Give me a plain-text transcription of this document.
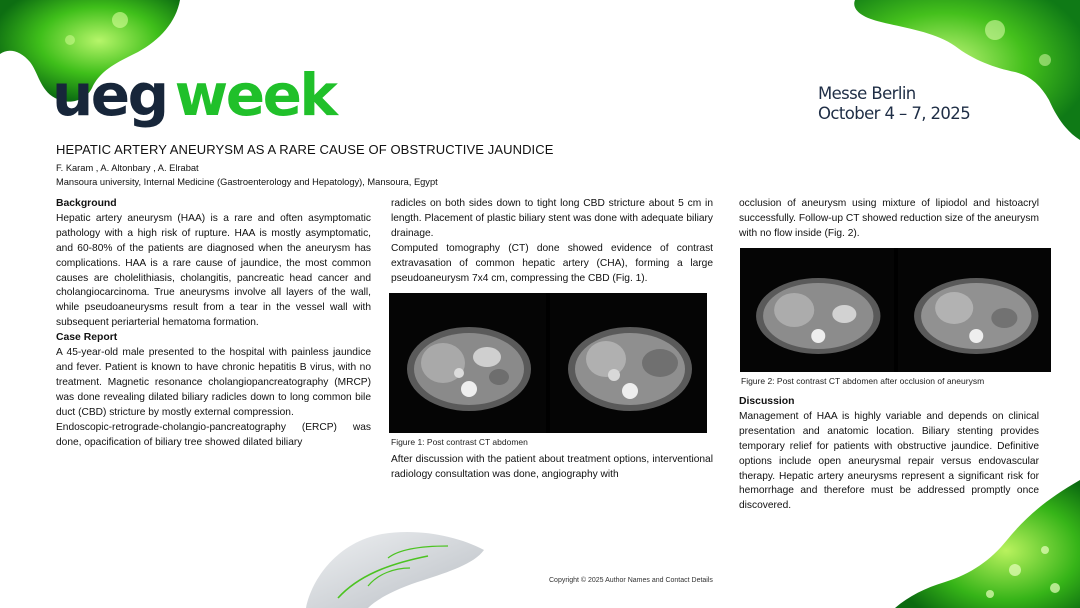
ueg week	Messe Berlin
October 4 – 7, 2025
HEPATIC ARTERY ANEURYSM AS A RARE CAUSE OF OBSTRUCTIVE JAUNDICE
F. Karam , A. Altonbary , A. Elrabat
Mansoura university, Internal Medicine (Gastroenterology and Hepatology), Mansoura, Egypt
Background

Hepatic artery aneurysm (HAA) is a rare and often asymptomatic pathology with a high risk of rupture. HAA is mostly asymptomatic, and 60-80% of the patients are diagnosed when the aneurysm has complications. HAA is a rare cause of jaundice, the most common causes are cholelithiasis, cholangitis, pancreatic head cancer and cholangiocarcinoma. True aneurysms involve all layers of the wall, while pseudoaneurysms result from a tear in the vessel wall with subsequent periarterial hematoma formation.

Case Report

A 45-year-old male presented to the hospital with painless jaundice and fever. Patient is known to have chronic hepatitis B virus, with no treatment. Magnetic resonance cholangiopancreatography (MRCP) was done revealing dilated biliary radicles down to long common bile duct (CBD) stricture by mostly external compression.

Endoscopic-retrograde-cholangio-pancreatography (ERCP) was done, opacification of biliary tree showed dilated biliary

radicles on both sides down to tight long CBD stricture about 5 cm in length. Placement of plastic biliary stent was done with adequate biliary drainage.

Computed tomography (CT) done showed evidence of contrast extravasation of common hepatic artery (CHA), forming a large pseudoaneurysm 7x4 cm, compressing the CBD (Fig. 1).

Figure 1: Post contrast CT abdomen

After discussion with the patient about treatment options, interventional radiology consultation was done, angiography with

occlusion of aneurysm using mixture of lipiodol and histoacryl successfully. Follow-up CT showed reduction size of the aneurysm with no flow inside (Fig. 2).

Figure 2: Post contrast CT abdomen after occlusion of aneurysm
Discussion

Management of HAA is highly variable and depends on clinical presentation and anatomic location. Biliary stenting provides temporary relief for patients with obstructive jaundice. Definitive options include open aneurysmal repair versus endovascular therapy. Hepatic artery aneurysms represent a significant risk for hemorrhage and therefore must be addressed promptly once discovered.

Copyright © 2025 Author Names and Contact Details
